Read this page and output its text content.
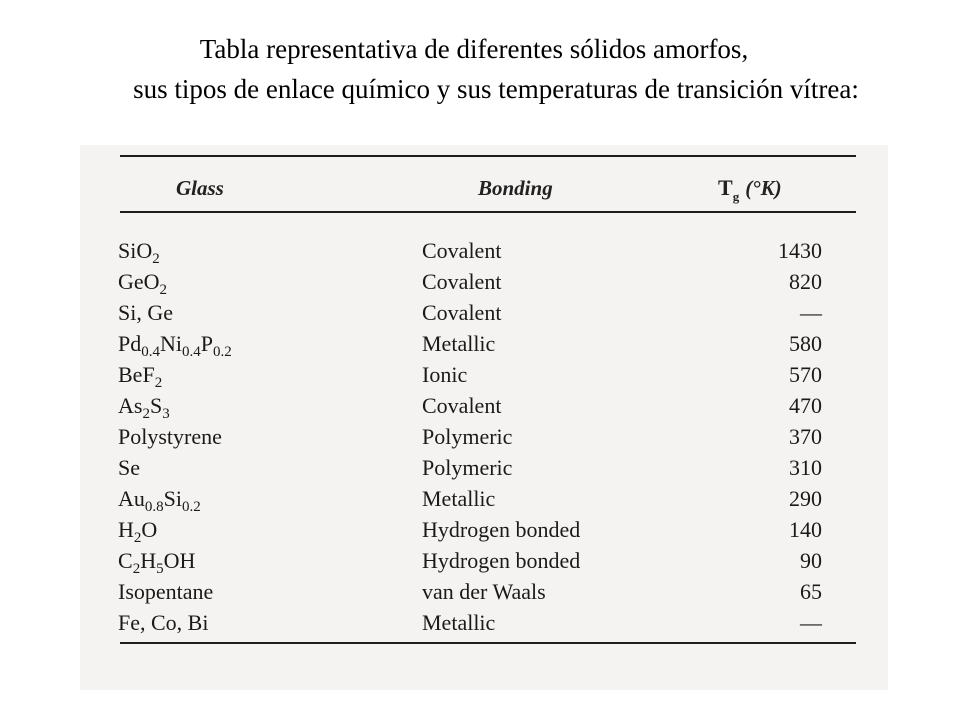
Tabla representativa de diferentes sólidos amorfos,
sus tipos de enlace químico y sus temperaturas de transición vítrea:
Glass	Bonding	$T_g$ (°K)
SiO$_2$	Covalent	1430
GeO$_2$	Covalent	820
Si, Ge	Covalent	—
$Pd_{0.4}Ni_{0.4}P_{0.2}$	Metallic	580
BeF$_2$	Ionic	570
$As_2S_3$	Covalent	470
Polystyrene	Polymeric	370
Se	Polymeric	310
$Au_{0.8}Si_{0.2}$	Metallic	290
$H_2O$	Hydrogen bonded	140
$C_2H_5OH$	Hydrogen bonded	90
Isopentane	van der Waals	65
Fe, Co, Bi	Metallic	—
